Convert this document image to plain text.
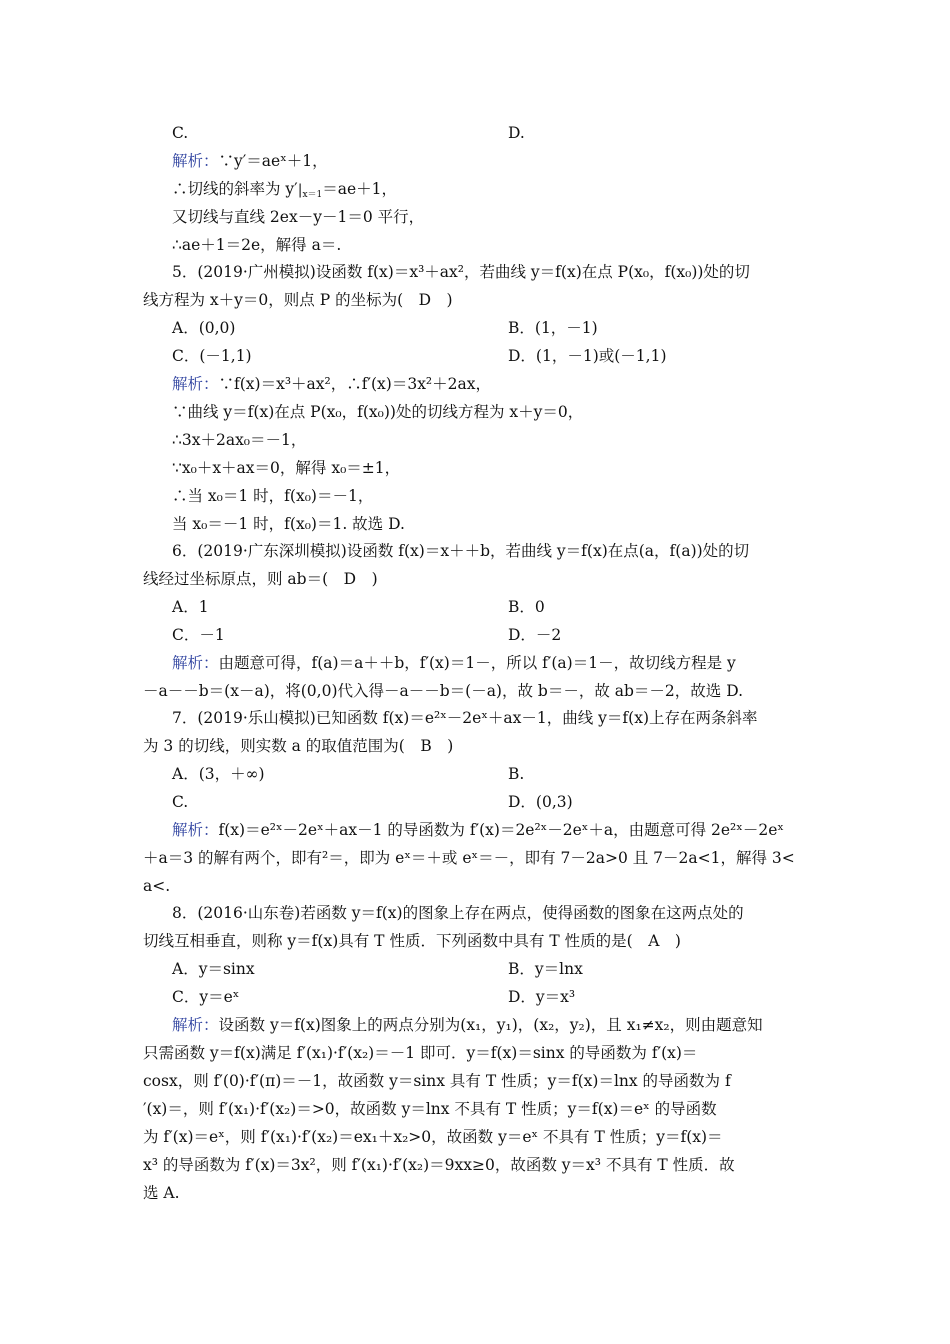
C.	D.
解析：∵y′＝aeˣ＋1，
∴切线的斜率为 $y'|_{x=1}=ae+1$，
又切线与直线 2ex－y－1＝0 平行，
∴ae＋1＝2e，解得 a＝.
5．(2019·广州模拟)设函数 f(x)＝x³＋ax²，若曲线 y＝f(x)在点 P(x₀，f(x₀))处的切
线方程为 x＋y＝0，则点 P 的坐标为(　D　)
A．(0,0)	B．(1，－1)
C．(－1,1)	D．(1，－1)或(－1,1)
解析：∵f(x)＝x³＋ax²，∴f′(x)＝3x²＋2ax，
∵曲线 y＝f(x)在点 P(x₀，f(x₀))处的切线方程为 x＋y＝0，
∴3x＋2ax₀＝－1，
∵x₀＋x＋ax＝0，解得 x₀＝±1，
∴当 x₀＝1 时，f(x₀)＝－1，
当 x₀＝－1 时，f(x₀)＝1. 故选 D.
6．(2019·广东深圳模拟)设函数 f(x)＝x＋＋b，若曲线 y＝f(x)在点(a，f(a))处的切
线经过坐标原点，则 ab＝(　D　)
A．1	B．0
C．－1	D．－2
解析：由题意可得，f(a)＝a＋＋b，f′(x)＝1－，所以 f′(a)＝1－，故切线方程是 y
－a－－b＝(x－a)，将(0,0)代入得－a－－b＝(－a)，故 b＝－，故 ab＝－2，故选 D.
7．(2019·乐山模拟)已知函数 f(x)＝e²ˣ－2eˣ＋ax－1，曲线 y＝f(x)上存在两条斜率
为 3 的切线，则实数 a 的取值范围为(　B　)
A．(3，＋∞)	B.
C.	D．(0,3)
解析：f(x)＝e²ˣ－2eˣ＋ax－1 的导函数为 f′(x)＝2e²ˣ－2eˣ＋a，由题意可得 2e²ˣ－2eˣ
＋a＝3 的解有两个，即有²＝，即为 eˣ＝＋或 eˣ＝－，即有 7－2a>0 且 7－2a<1，解得 3<
a<.
8．(2016·山东卷)若函数 y＝f(x)的图象上存在两点，使得函数的图象在这两点处的
切线互相垂直，则称 y＝f(x)具有 T 性质．下列函数中具有 T 性质的是(　A　)
A．y＝sinx	B．y＝lnx
C．y＝eˣ	D．y＝x³
解析：设函数 y＝f(x)图象上的两点分别为(x₁，y₁)，(x₂，y₂)，且 x₁≠x₂，则由题意知
只需函数 y＝f(x)满足 f′(x₁)·f′(x₂)＝－1 即可．y＝f(x)＝sinx 的导函数为 f′(x)＝
cosx，则 f′(0)·f′(π)＝－1，故函数 y＝sinx 具有 T 性质；y＝f(x)＝lnx 的导函数为 f
′(x)＝，则 f′(x₁)·f′(x₂)＝>0，故函数 y＝lnx 不具有 T 性质；y＝f(x)＝eˣ 的导函数
为 f′(x)＝eˣ，则 f′(x₁)·f′(x₂)＝ex₁＋x₂>0，故函数 y＝eˣ 不具有 T 性质；y＝f(x)＝
x³ 的导函数为 f′(x)＝3x²，则 f′(x₁)·f′(x₂)＝9xx≥0，故函数 y＝x³ 不具有 T 性质．故
选 A.
